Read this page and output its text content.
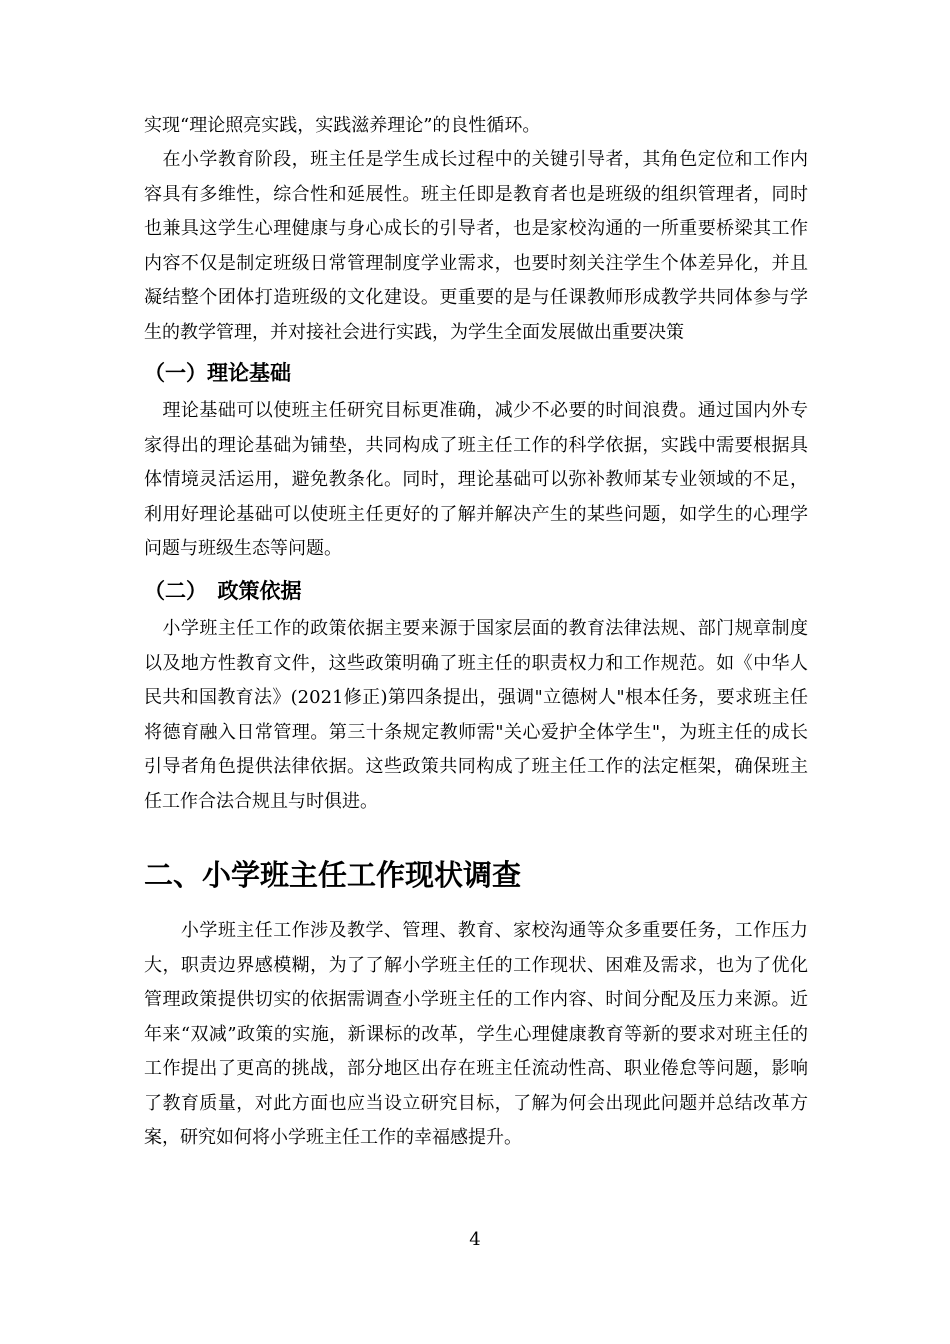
实现“理论照亮实践，实践滋养理论”的良性循环。

　在小学教育阶段，班主任是学生成长过程中的关键引导者，其角色定位和工作内容具有多维性，综合性和延展性。班主任即是教育者也是班级的组织管理者，同时也兼具这学生心理健康与身心成长的引导者，也是家校沟通的一所重要桥梁其工作内容不仅是制定班级日常管理制度学业需求，也要时刻关注学生个体差异化，并且凝结整个团体打造班级的文化建设。更重要的是与任课教师形成教学共同体参与学生的教学管理，并对接社会进行实践，为学生全面发展做出重要决策

（一）理论基础

　理论基础可以使班主任研究目标更准确，减少不必要的时间浪费。通过国内外专家得出的理论基础为铺垫，共同构成了班主任工作的科学依据，实践中需要根据具体情境灵活运用，避免教条化。同时，理论基础可以弥补教师某专业领域的不足，利用好理论基础可以使班主任更好的了解并解决产生的某些问题，如学生的心理学问题与班级生态等问题。

（二）　政策依据

　小学班主任工作的政策依据主要来源于国家层面的教育法律法规、部门规章制度以及地方性教育文件，这些政策明确了班主任的职责权力和工作规范。如《中华人民共和国教育法》(2021修正)第四条提出，强调"立德树人"根本任务，要求班主任将德育融入日常管理。第三十条规定教师需"关心爱护全体学生"，为班主任的成长引导者角色提供法律依据。这些政策共同构成了班主任工作的法定框架，确保班主任工作合法合规且与时俱进。

二、小学班主任工作现状调查

　　小学班主任工作涉及教学、管理、教育、家校沟通等众多重要任务，工作压力大，职责边界感模糊，为了了解小学班主任的工作现状、困难及需求，也为了优化管理政策提供切实的依据需调查小学班主任的工作内容、时间分配及压力来源。近年来“双减”政策的实施，新课标的改革，学生心理健康教育等新的要求对班主任的工作提出了更高的挑战，部分地区出存在班主任流动性高、职业倦怠等问题，影响了教育质量，对此方面也应当设立研究目标，了解为何会出现此问题并总结改革方案，研究如何将小学班主任工作的幸福感提升。

4
